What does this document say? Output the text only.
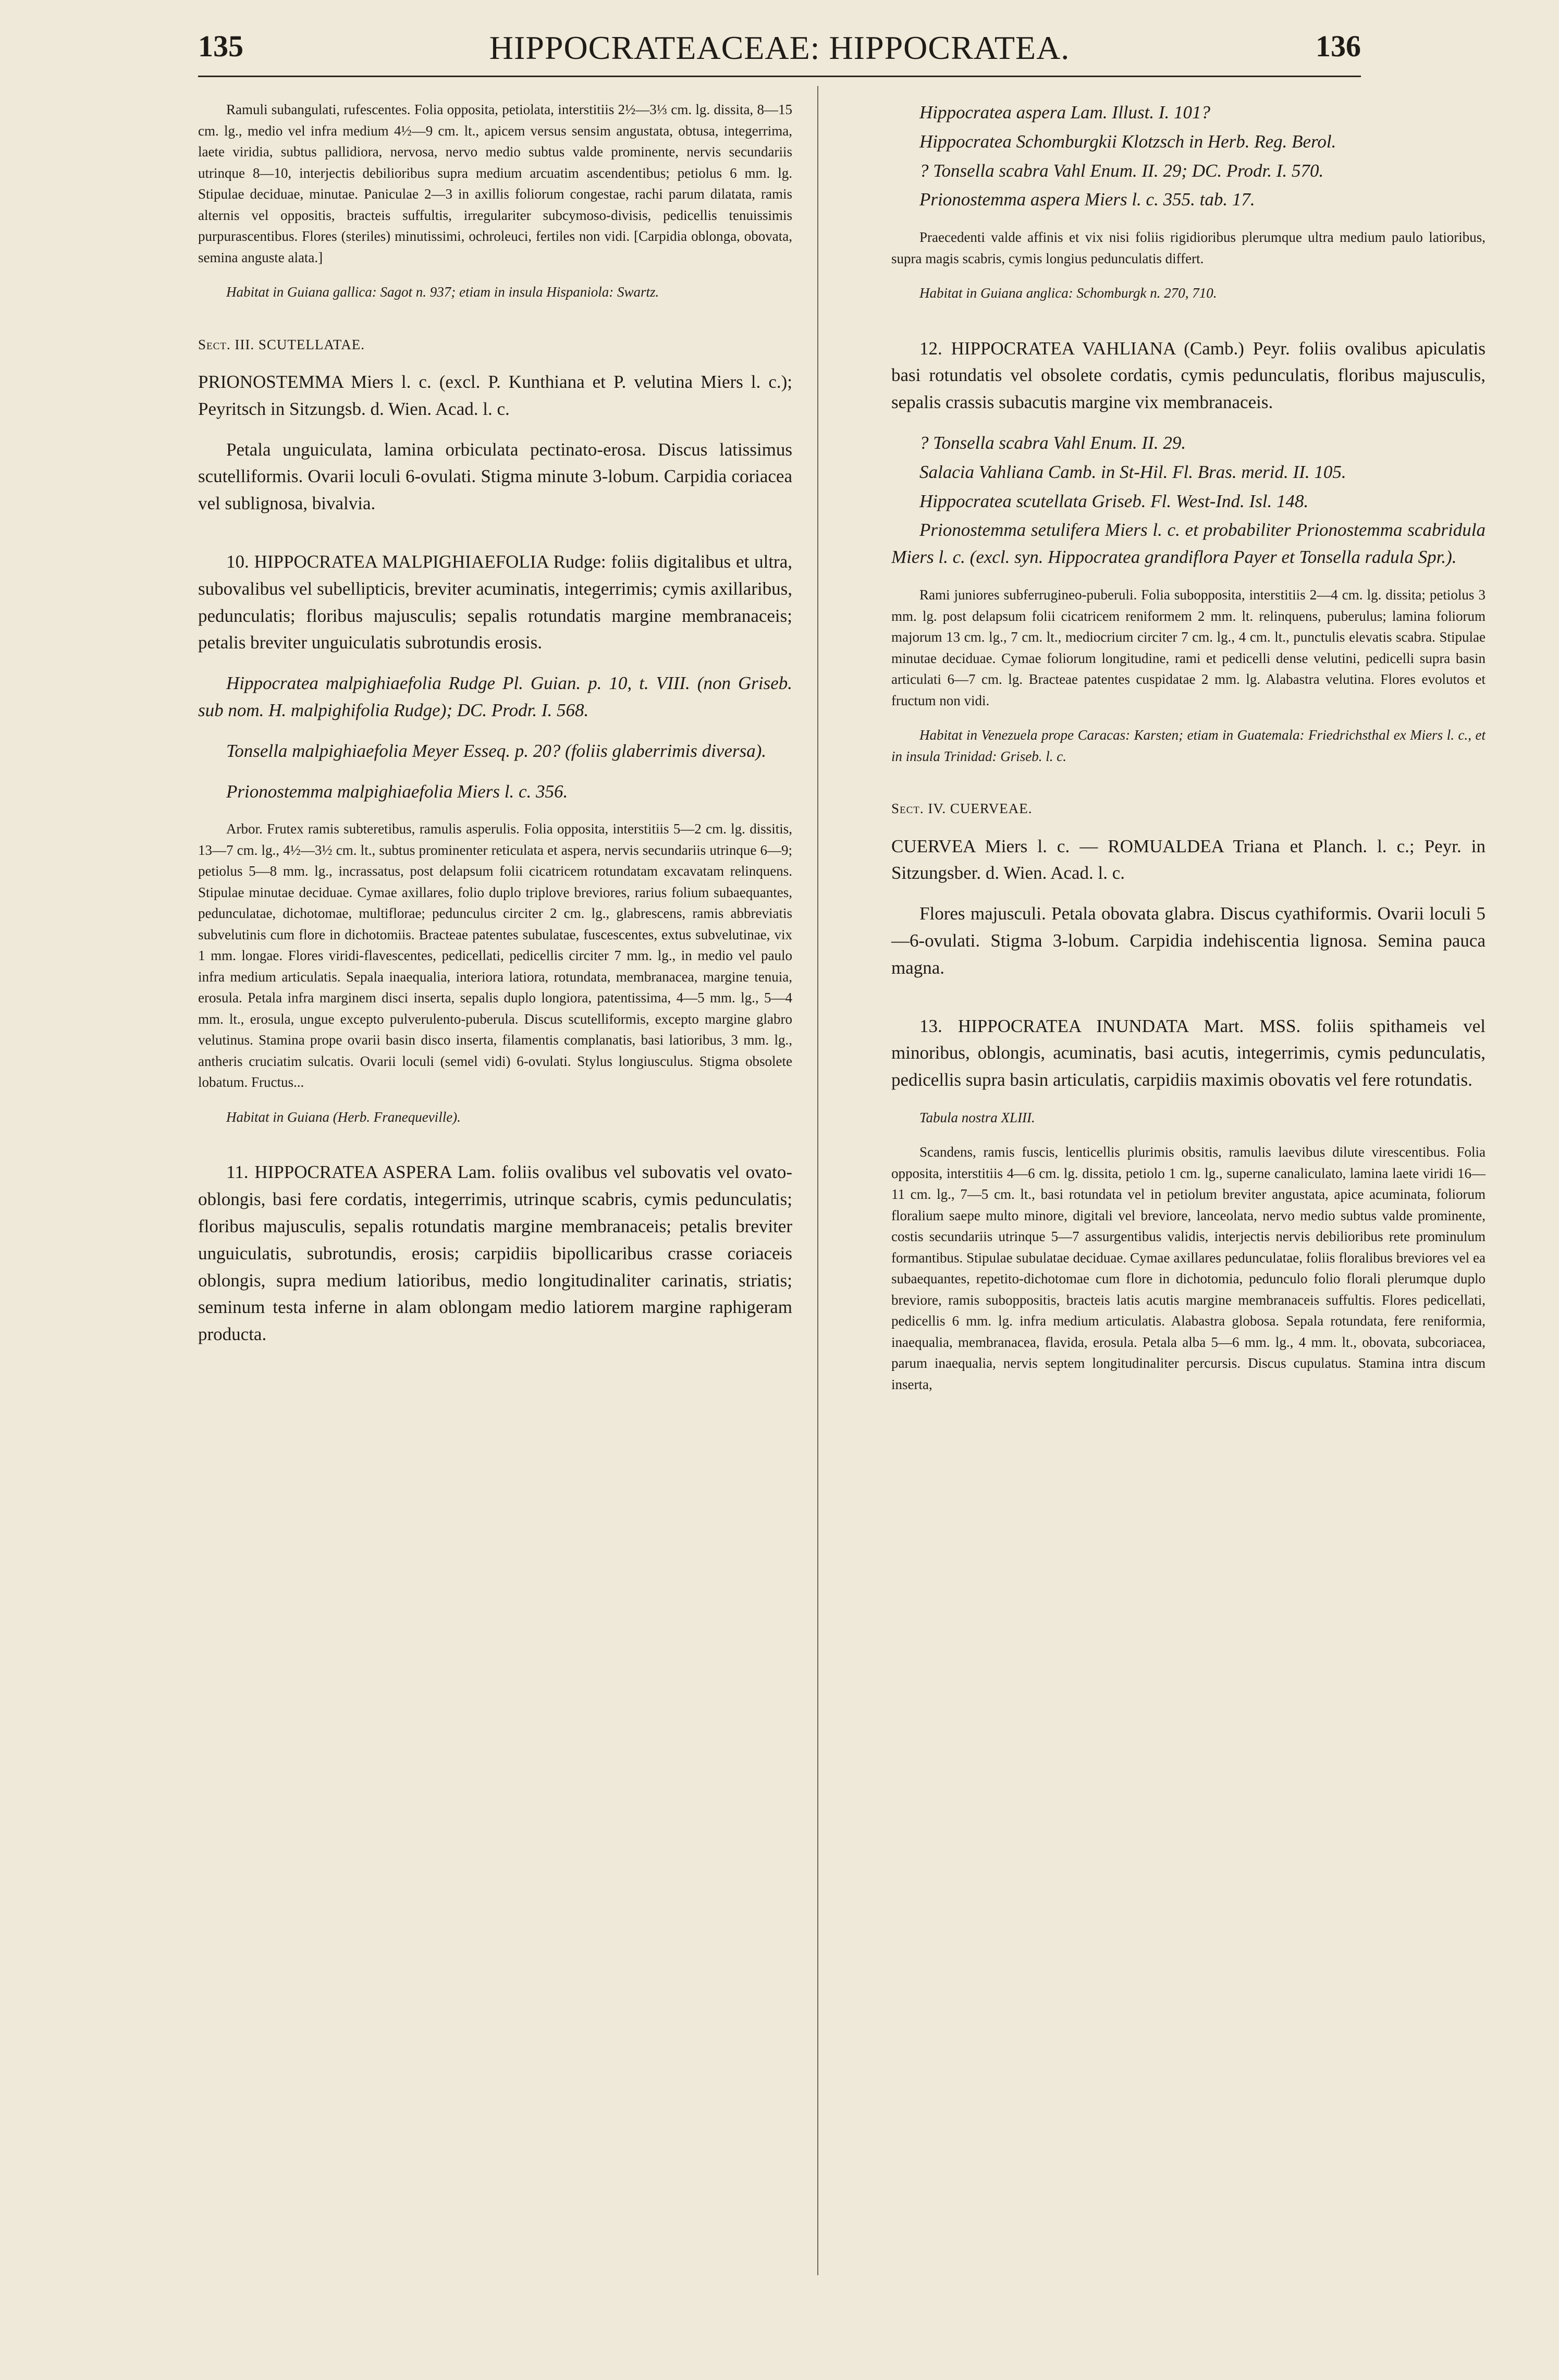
135	HIPPOCRATEACEAE: HIPPOCRATEA.	136

Ramuli subangulati, rufescentes. Folia opposita, petiolata, interstitiis 2½—3⅓ cm. lg. dissita, 8—15 cm. lg., medio vel infra medium 4½—9 cm. lt., apicem versus sensim angustata, obtusa, integerrima, laete viridia, subtus pallidiora, nervosa, nervo medio subtus valde prominente, nervis secundariis utrinque 8—10, interjectis debilioribus supra medium arcuatim ascendentibus; petiolus 6 mm. lg. Stipulae deciduae, minutae. Paniculae 2—3 in axillis foliorum congestae, rachi parum dilatata, ramis alternis vel oppositis, bracteis suffultis, irregulariter subcymoso-divisis, pedicellis tenuissimis purpurascentibus. Flores (steriles) minutissimi, ochroleuci, fertiles non vidi. [Carpidia oblonga, obovata, semina anguste alata.]

Habitat in Guiana gallica: Sagot n. 937; etiam in insula Hispaniola: Swartz.

Sect. III. SCUTELLATAE.

PRIONOSTEMMA Miers l. c. (excl. P. Kunthiana et P. velutina Miers l. c.); Peyritsch in Sitzungsb. d. Wien. Acad. l. c.

Petala unguiculata, lamina orbiculata pectinato-erosa. Discus latissimus scutelliformis. Ovarii loculi 6-ovulati. Stigma minute 3-lobum. Carpidia coriacea vel sublignosa, bivalvia.

10. HIPPOCRATEA MALPIGHIAEFOLIA Rudge: foliis digitalibus et ultra, subovalibus vel subellipticis, breviter acuminatis, integerrimis; cymis axillaribus, pedunculatis; floribus majusculis; sepalis rotundatis margine membranaceis; petalis breviter unguiculatis subrotundis erosis.

Hippocratea malpighiaefolia Rudge Pl. Guian. p. 10, t. VIII. (non Griseb. sub nom. H. malpighifolia Rudge); DC. Prodr. I. 568.

Tonsella malpighiaefolia Meyer Esseq. p. 20? (foliis glaberrimis diversa).

Prionostemma malpighiaefolia Miers l. c. 356.

Arbor. Frutex ramis subteretibus, ramulis asperulis. Folia opposita, interstitiis 5—2 cm. lg. dissitis, 13—7 cm. lg., 4½—3½ cm. lt., subtus prominenter reticulata et aspera, nervis secundariis utrinque 6—9; petiolus 5—8 mm. lg., incrassatus, post delapsum folii cicatricem rotundatam excavatam relinquens. Stipulae minutae deciduae. Cymae axillares, folio duplo triplove breviores, rarius folium subaequantes, pedunculatae, dichotomae, multiflorae; pedunculus circiter 2 cm. lg., glabrescens, ramis abbreviatis subvelutinis cum flore in dichotomiis. Bracteae patentes subulatae, fuscescentes, extus subvelutinae, vix 1 mm. longae. Flores viridi-flavescentes, pedicellati, pedicellis circiter 7 mm. lg., in medio vel paulo infra medium articulatis. Sepala inaequalia, interiora latiora, rotundata, membranacea, margine tenuia, erosula. Petala infra marginem disci inserta, sepalis duplo longiora, patentissima, 4—5 mm. lg., 5—4 mm. lt., erosula, ungue excepto pulverulento-puberula. Discus scutelliformis, excepto margine glabro velutinus. Stamina prope ovarii basin disco inserta, filamentis complanatis, basi latioribus, 3 mm. lg., antheris cruciatim sulcatis. Ovarii loculi (semel vidi) 6-ovulati. Stylus longiusculus. Stigma obsolete lobatum. Fructus...

Habitat in Guiana (Herb. Franequeville).

11. HIPPOCRATEA ASPERA Lam. foliis ovalibus vel subovatis vel ovato-oblongis, basi fere cordatis, integerrimis, utrinque scabris, cymis pedunculatis; floribus majusculis, sepalis rotundatis margine membranaceis; petalis breviter unguiculatis, subrotundis, erosis; carpidiis bipollicaribus crasse coriaceis oblongis, supra medium latioribus, medio longitudinaliter carinatis, striatis; seminum testa inferne in alam oblongam medio latiorem margine raphigeram producta.

Hippocratea aspera Lam. Illust. I. 101?

Hippocratea Schomburgkii Klotzsch in Herb. Reg. Berol.

? Tonsella scabra Vahl Enum. II. 29; DC. Prodr. I. 570.

Prionostemma aspera Miers l. c. 355. tab. 17.

Praecedenti valde affinis et vix nisi foliis rigidioribus plerumque ultra medium paulo latioribus, supra magis scabris, cymis longius pedunculatis differt.

Habitat in Guiana anglica: Schomburgk n. 270, 710.

12. HIPPOCRATEA VAHLIANA (Camb.) Peyr. foliis ovalibus apiculatis basi rotundatis vel obsolete cordatis, cymis pedunculatis, floribus majusculis, sepalis crassis subacutis margine vix membranaceis.

? Tonsella scabra Vahl Enum. II. 29.

Salacia Vahliana Camb. in St-Hil. Fl. Bras. merid. II. 105.

Hippocratea scutellata Griseb. Fl. West-Ind. Isl. 148.

Prionostemma setulifera Miers l. c. et probabiliter Prionostemma scabridula Miers l. c. (excl. syn. Hippocratea grandiflora Payer et Tonsella radula Spr.).

Rami juniores subferrugineo-puberuli. Folia subopposita, interstitiis 2—4 cm. lg. dissita; petiolus 3 mm. lg. post delapsum folii cicatricem reniformem 2 mm. lt. relinquens, puberulus; lamina foliorum majorum 13 cm. lg., 7 cm. lt., mediocrium circiter 7 cm. lg., 4 cm. lt., punctulis elevatis scabra. Stipulae minutae deciduae. Cymae foliorum longitudine, rami et pedicelli dense velutini, pedicelli supra basin articulati 6—7 cm. lg. Bracteae patentes cuspidatae 2 mm. lg. Alabastra velutina. Flores evolutos et fructum non vidi.

Habitat in Venezuela prope Caracas: Karsten; etiam in Guatemala: Friedrichsthal ex Miers l. c., et in insula Trinidad: Griseb. l. c.

Sect. IV. CUERVEAE.

CUERVEA Miers l. c. — ROMUALDEA Triana et Planch. l. c.; Peyr. in Sitzungsber. d. Wien. Acad. l. c.

Flores majusculi. Petala obovata glabra. Discus cyathiformis. Ovarii loculi 5—6-ovulati. Stigma 3-lobum. Carpidia indehiscentia lignosa. Semina pauca magna.

13. HIPPOCRATEA INUNDATA Mart. MSS. foliis spithameis vel minoribus, oblongis, acuminatis, basi acutis, integerrimis, cymis pedunculatis, pedicellis supra basin articulatis, carpidiis maximis obovatis vel fere rotundatis.

Tabula nostra XLIII.

Scandens, ramis fuscis, lenticellis plurimis obsitis, ramulis laevibus dilute virescentibus. Folia opposita, interstitiis 4—6 cm. lg. dissita, petiolo 1 cm. lg., superne canaliculato, lamina laete viridi 16—11 cm. lg., 7—5 cm. lt., basi rotundata vel in petiolum breviter angustata, apice acuminata, foliorum floralium saepe multo minore, digitali vel breviore, lanceolata, nervo medio subtus valde prominente, costis secundariis utrinque 5—7 assurgentibus validis, interjectis nervis debilioribus rete prominulum formantibus. Stipulae subulatae deciduae. Cymae axillares pedunculatae, foliis floralibus breviores vel ea subaequantes, repetito-dichotomae cum flore in dichotomia, pedunculo folio florali plerumque duplo breviore, ramis suboppositis, bracteis latis acutis margine membranaceis suffultis. Flores pedicellati, pedicellis 6 mm. lg. infra medium articulatis. Alabastra globosa. Sepala rotundata, fere reniformia, inaequalia, membranacea, flavida, erosula. Petala alba 5—6 mm. lg., 4 mm. lt., obovata, subcoriacea, parum inaequalia, nervis septem longitudinaliter percursis. Discus cupulatus. Stamina intra discum inserta,
